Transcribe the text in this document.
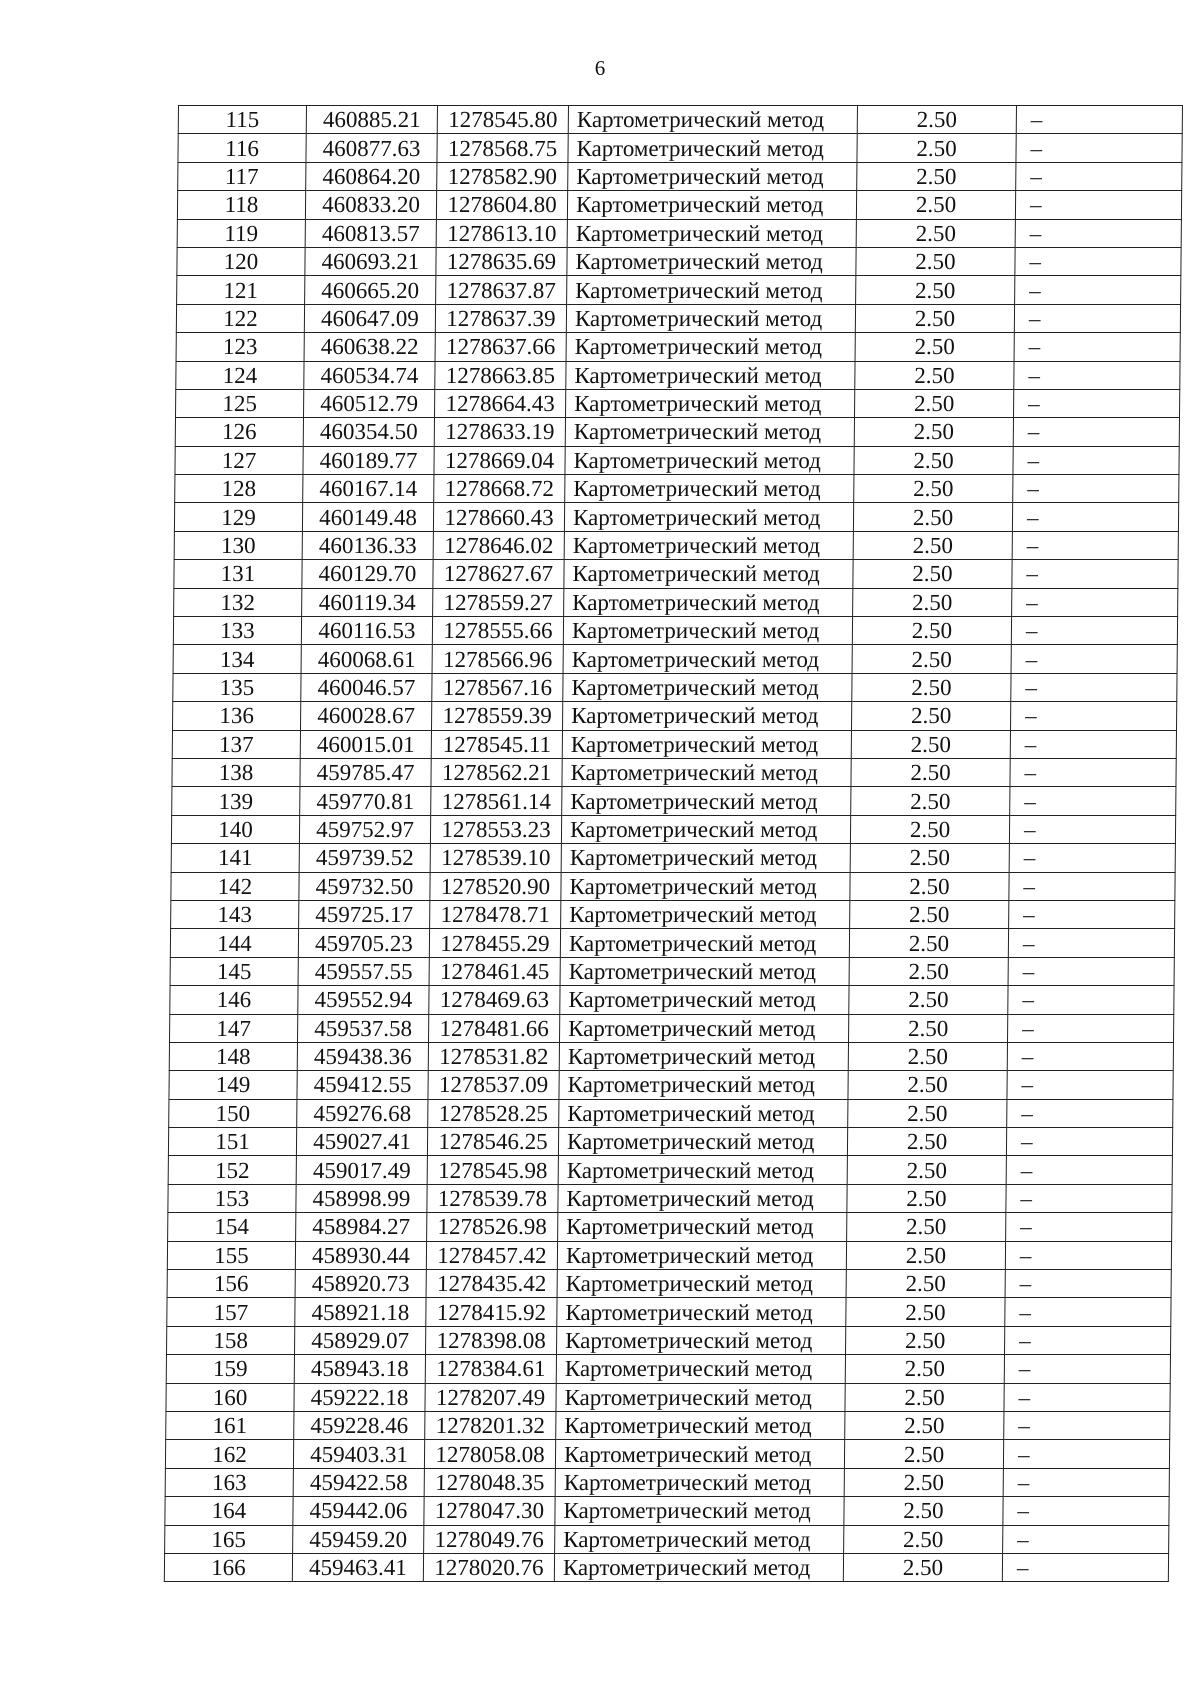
6
115	460885.21	1278545.80	Картометрический метод	2.50	–
116	460877.63	1278568.75	Картометрический метод	2.50	–
117	460864.20	1278582.90	Картометрический метод	2.50	–
118	460833.20	1278604.80	Картометрический метод	2.50	–
119	460813.57	1278613.10	Картометрический метод	2.50	–
120	460693.21	1278635.69	Картометрический метод	2.50	–
121	460665.20	1278637.87	Картометрический метод	2.50	–
122	460647.09	1278637.39	Картометрический метод	2.50	–
123	460638.22	1278637.66	Картометрический метод	2.50	–
124	460534.74	1278663.85	Картометрический метод	2.50	–
125	460512.79	1278664.43	Картометрический метод	2.50	–
126	460354.50	1278633.19	Картометрический метод	2.50	–
127	460189.77	1278669.04	Картометрический метод	2.50	–
128	460167.14	1278668.72	Картометрический метод	2.50	–
129	460149.48	1278660.43	Картометрический метод	2.50	–
130	460136.33	1278646.02	Картометрический метод	2.50	–
131	460129.70	1278627.67	Картометрический метод	2.50	–
132	460119.34	1278559.27	Картометрический метод	2.50	–
133	460116.53	1278555.66	Картометрический метод	2.50	–
134	460068.61	1278566.96	Картометрический метод	2.50	–
135	460046.57	1278567.16	Картометрический метод	2.50	–
136	460028.67	1278559.39	Картометрический метод	2.50	–
137	460015.01	1278545.11	Картометрический метод	2.50	–
138	459785.47	1278562.21	Картометрический метод	2.50	–
139	459770.81	1278561.14	Картометрический метод	2.50	–
140	459752.97	1278553.23	Картометрический метод	2.50	–
141	459739.52	1278539.10	Картометрический метод	2.50	–
142	459732.50	1278520.90	Картометрический метод	2.50	–
143	459725.17	1278478.71	Картометрический метод	2.50	–
144	459705.23	1278455.29	Картометрический метод	2.50	–
145	459557.55	1278461.45	Картометрический метод	2.50	–
146	459552.94	1278469.63	Картометрический метод	2.50	–
147	459537.58	1278481.66	Картометрический метод	2.50	–
148	459438.36	1278531.82	Картометрический метод	2.50	–
149	459412.55	1278537.09	Картометрический метод	2.50	–
150	459276.68	1278528.25	Картометрический метод	2.50	–
151	459027.41	1278546.25	Картометрический метод	2.50	–
152	459017.49	1278545.98	Картометрический метод	2.50	–
153	458998.99	1278539.78	Картометрический метод	2.50	–
154	458984.27	1278526.98	Картометрический метод	2.50	–
155	458930.44	1278457.42	Картометрический метод	2.50	–
156	458920.73	1278435.42	Картометрический метод	2.50	–
157	458921.18	1278415.92	Картометрический метод	2.50	–
158	458929.07	1278398.08	Картометрический метод	2.50	–
159	458943.18	1278384.61	Картометрический метод	2.50	–
160	459222.18	1278207.49	Картометрический метод	2.50	–
161	459228.46	1278201.32	Картометрический метод	2.50	–
162	459403.31	1278058.08	Картометрический метод	2.50	–
163	459422.58	1278048.35	Картометрический метод	2.50	–
164	459442.06	1278047.30	Картометрический метод	2.50	–
165	459459.20	1278049.76	Картометрический метод	2.50	–
166	459463.41	1278020.76	Картометрический метод	2.50	–
